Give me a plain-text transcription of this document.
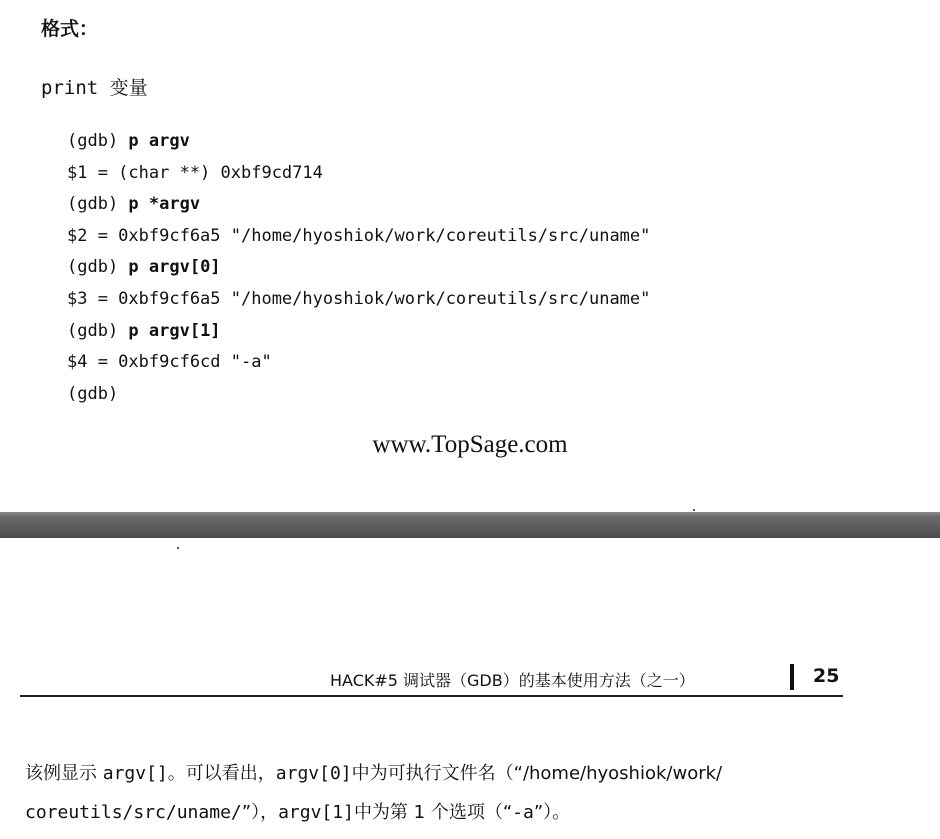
格式：
print 变量
(gdb) p argv
$1 = (char **) 0xbf9cd714
(gdb) p *argv
$2 = 0xbf9cf6a5 "/home/hyoshiok/work/coreutils/src/uname"
(gdb) p argv[0]
$3 = 0xbf9cf6a5 "/home/hyoshiok/work/coreutils/src/uname"
(gdb) p argv[1]
$4 = 0xbf9cf6cd "-a"
(gdb)
www.TopSage.com
HACK#5 调试器（GDB）的基本使用方法（之一）	25
该例显示 argv[]。可以看出，argv[0]中为可执行文件名（“/home/hyoshiok/work/
coreutils/src/uname/”），argv[1]中为第 1 个选项（“-a”）。
